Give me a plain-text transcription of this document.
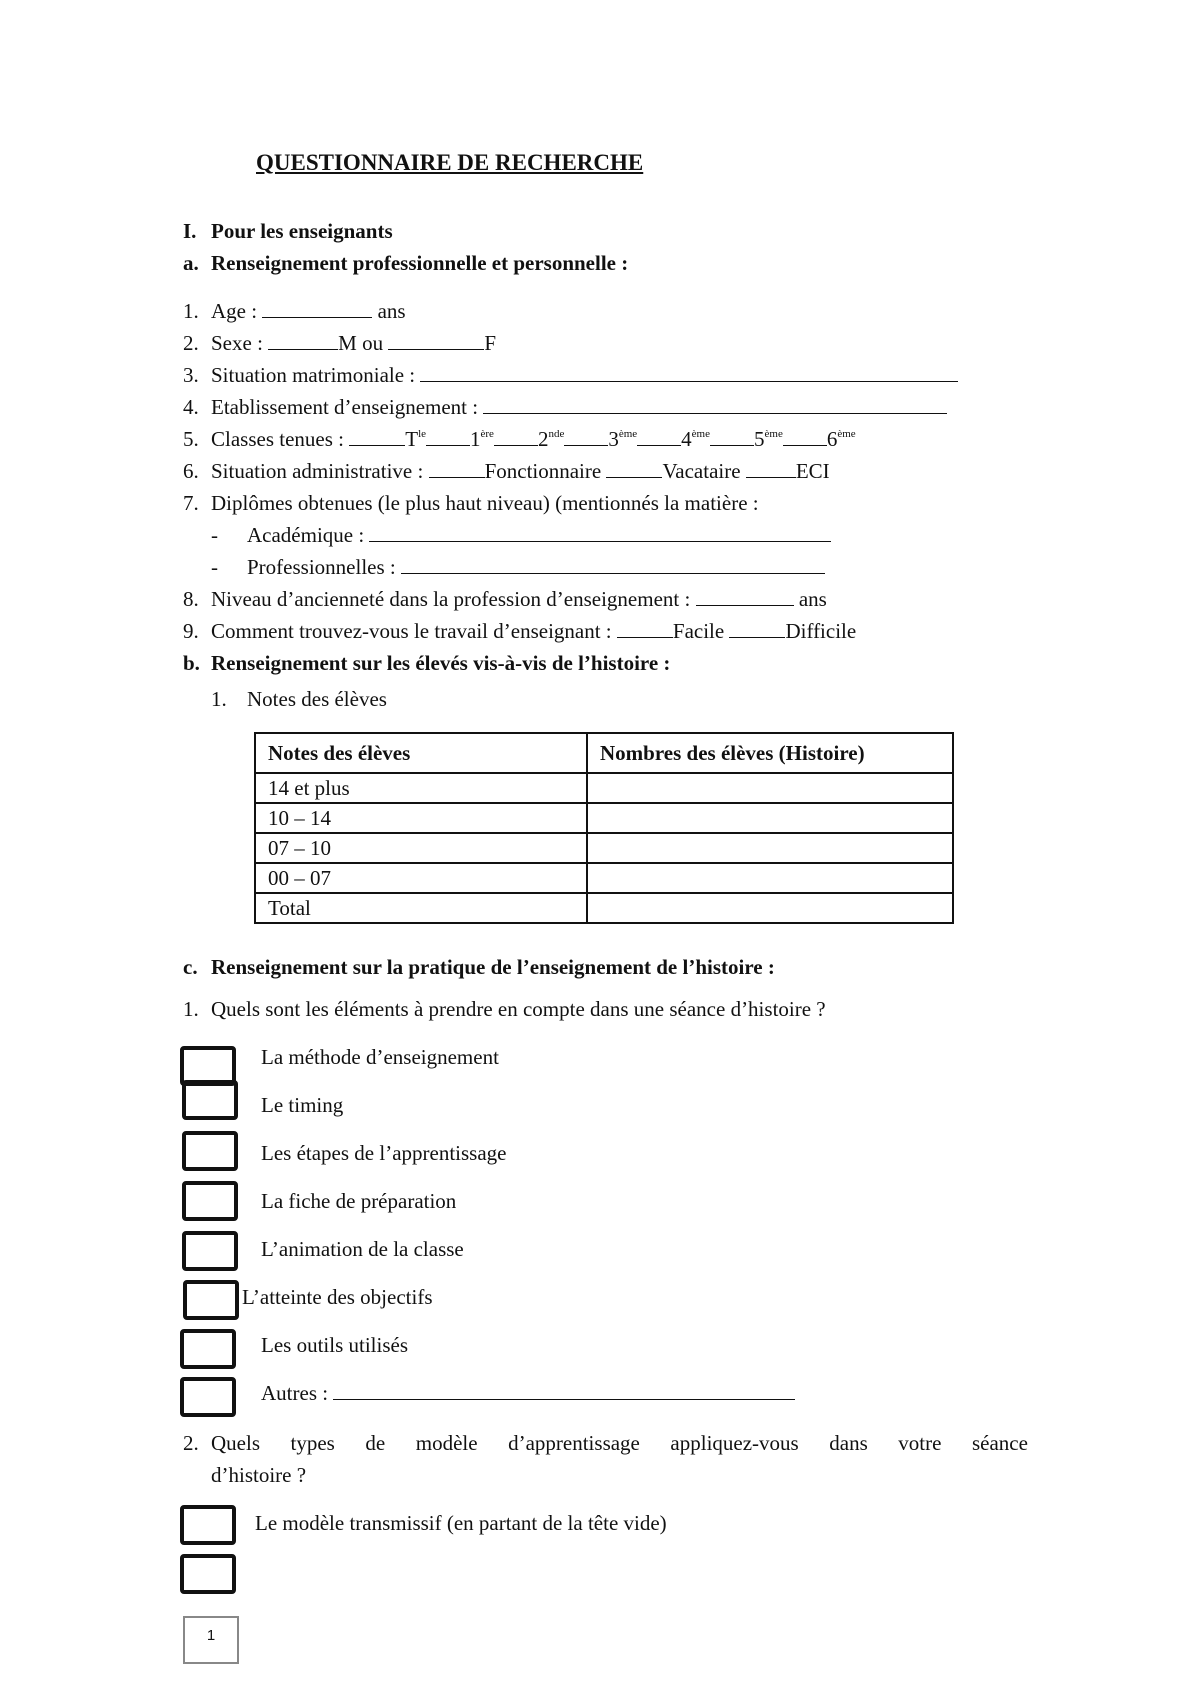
QUESTIONNAIRE DE RECHERCHE
I. Pour les enseignants
a. Renseignement professionnelle et personnelle :
1. Age :	ans
2. Sexe :	M ou	F
3. Situation matrimoniale :
4. Etablissement d’enseignement :
5. Classes tenues :	$T^{le}$ 1ère 2nde 3ème 4ème 5ème 6ème
6. Situation administrative :	Fonctionnaire	Vacataire	ECI
7. Diplômes obtenues (le plus haut niveau) (mentionnés la matière :
- Académique :
- Professionnelles :
8. Niveau d’ancienneté dans la profession d’enseignement :	ans
9. Comment trouvez-vous le travail d’enseignant :	Facile	Difficile
b. Renseignement sur les élevés vis-à-vis de l’histoire :
1. Notes des élèves
Notes des élèves	Nombres des élèves (Histoire)
14 et plus	
10 – 14	
07 – 10	
00 – 07	
Total	
c. Renseignement sur la pratique de l’enseignement de l’histoire :
1. Quels sont les éléments à prendre en compte dans une séance d’histoire ?
La méthode d’enseignement
Le timing
Les étapes de l’apprentissage
La fiche de préparation
L’animation de la classe
L’atteinte des objectifs
Les outils utilisés
Autres :
2. Quels types de modèle d’apprentissage appliquez-vous dans votre séance
d’histoire ?
Le modèle transmissif (en partant de la tête vide)
1
